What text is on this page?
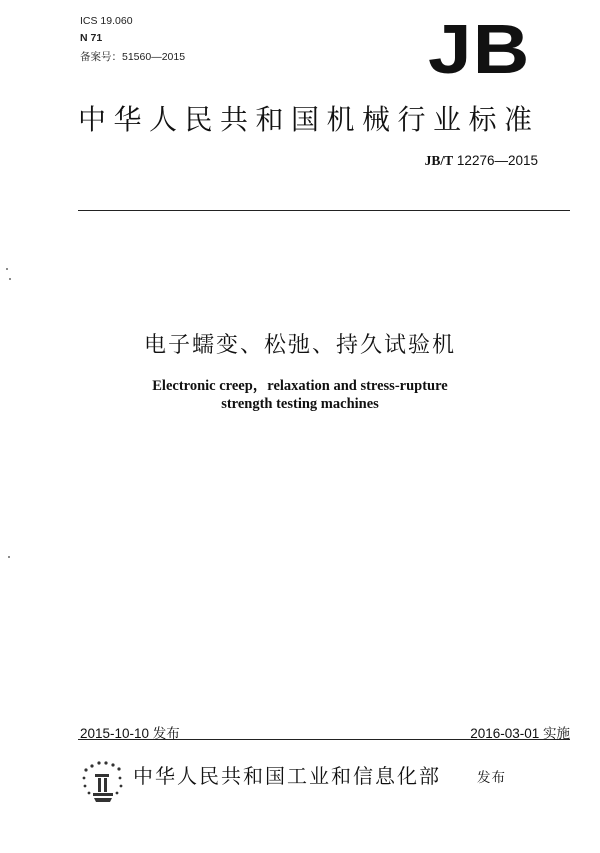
ICS 19.060
N 71
备案号：51560—2015	JB
中华人民共和国机械行业标准
JB/T 12276—2015
电子蠕变、松弛、持久试验机
Electronic creep，relaxation and stress-rupture
strength testing machines
2015-10-10 发布	2016-03-01 实施
中华人民共和国工业和信息化部	发布
